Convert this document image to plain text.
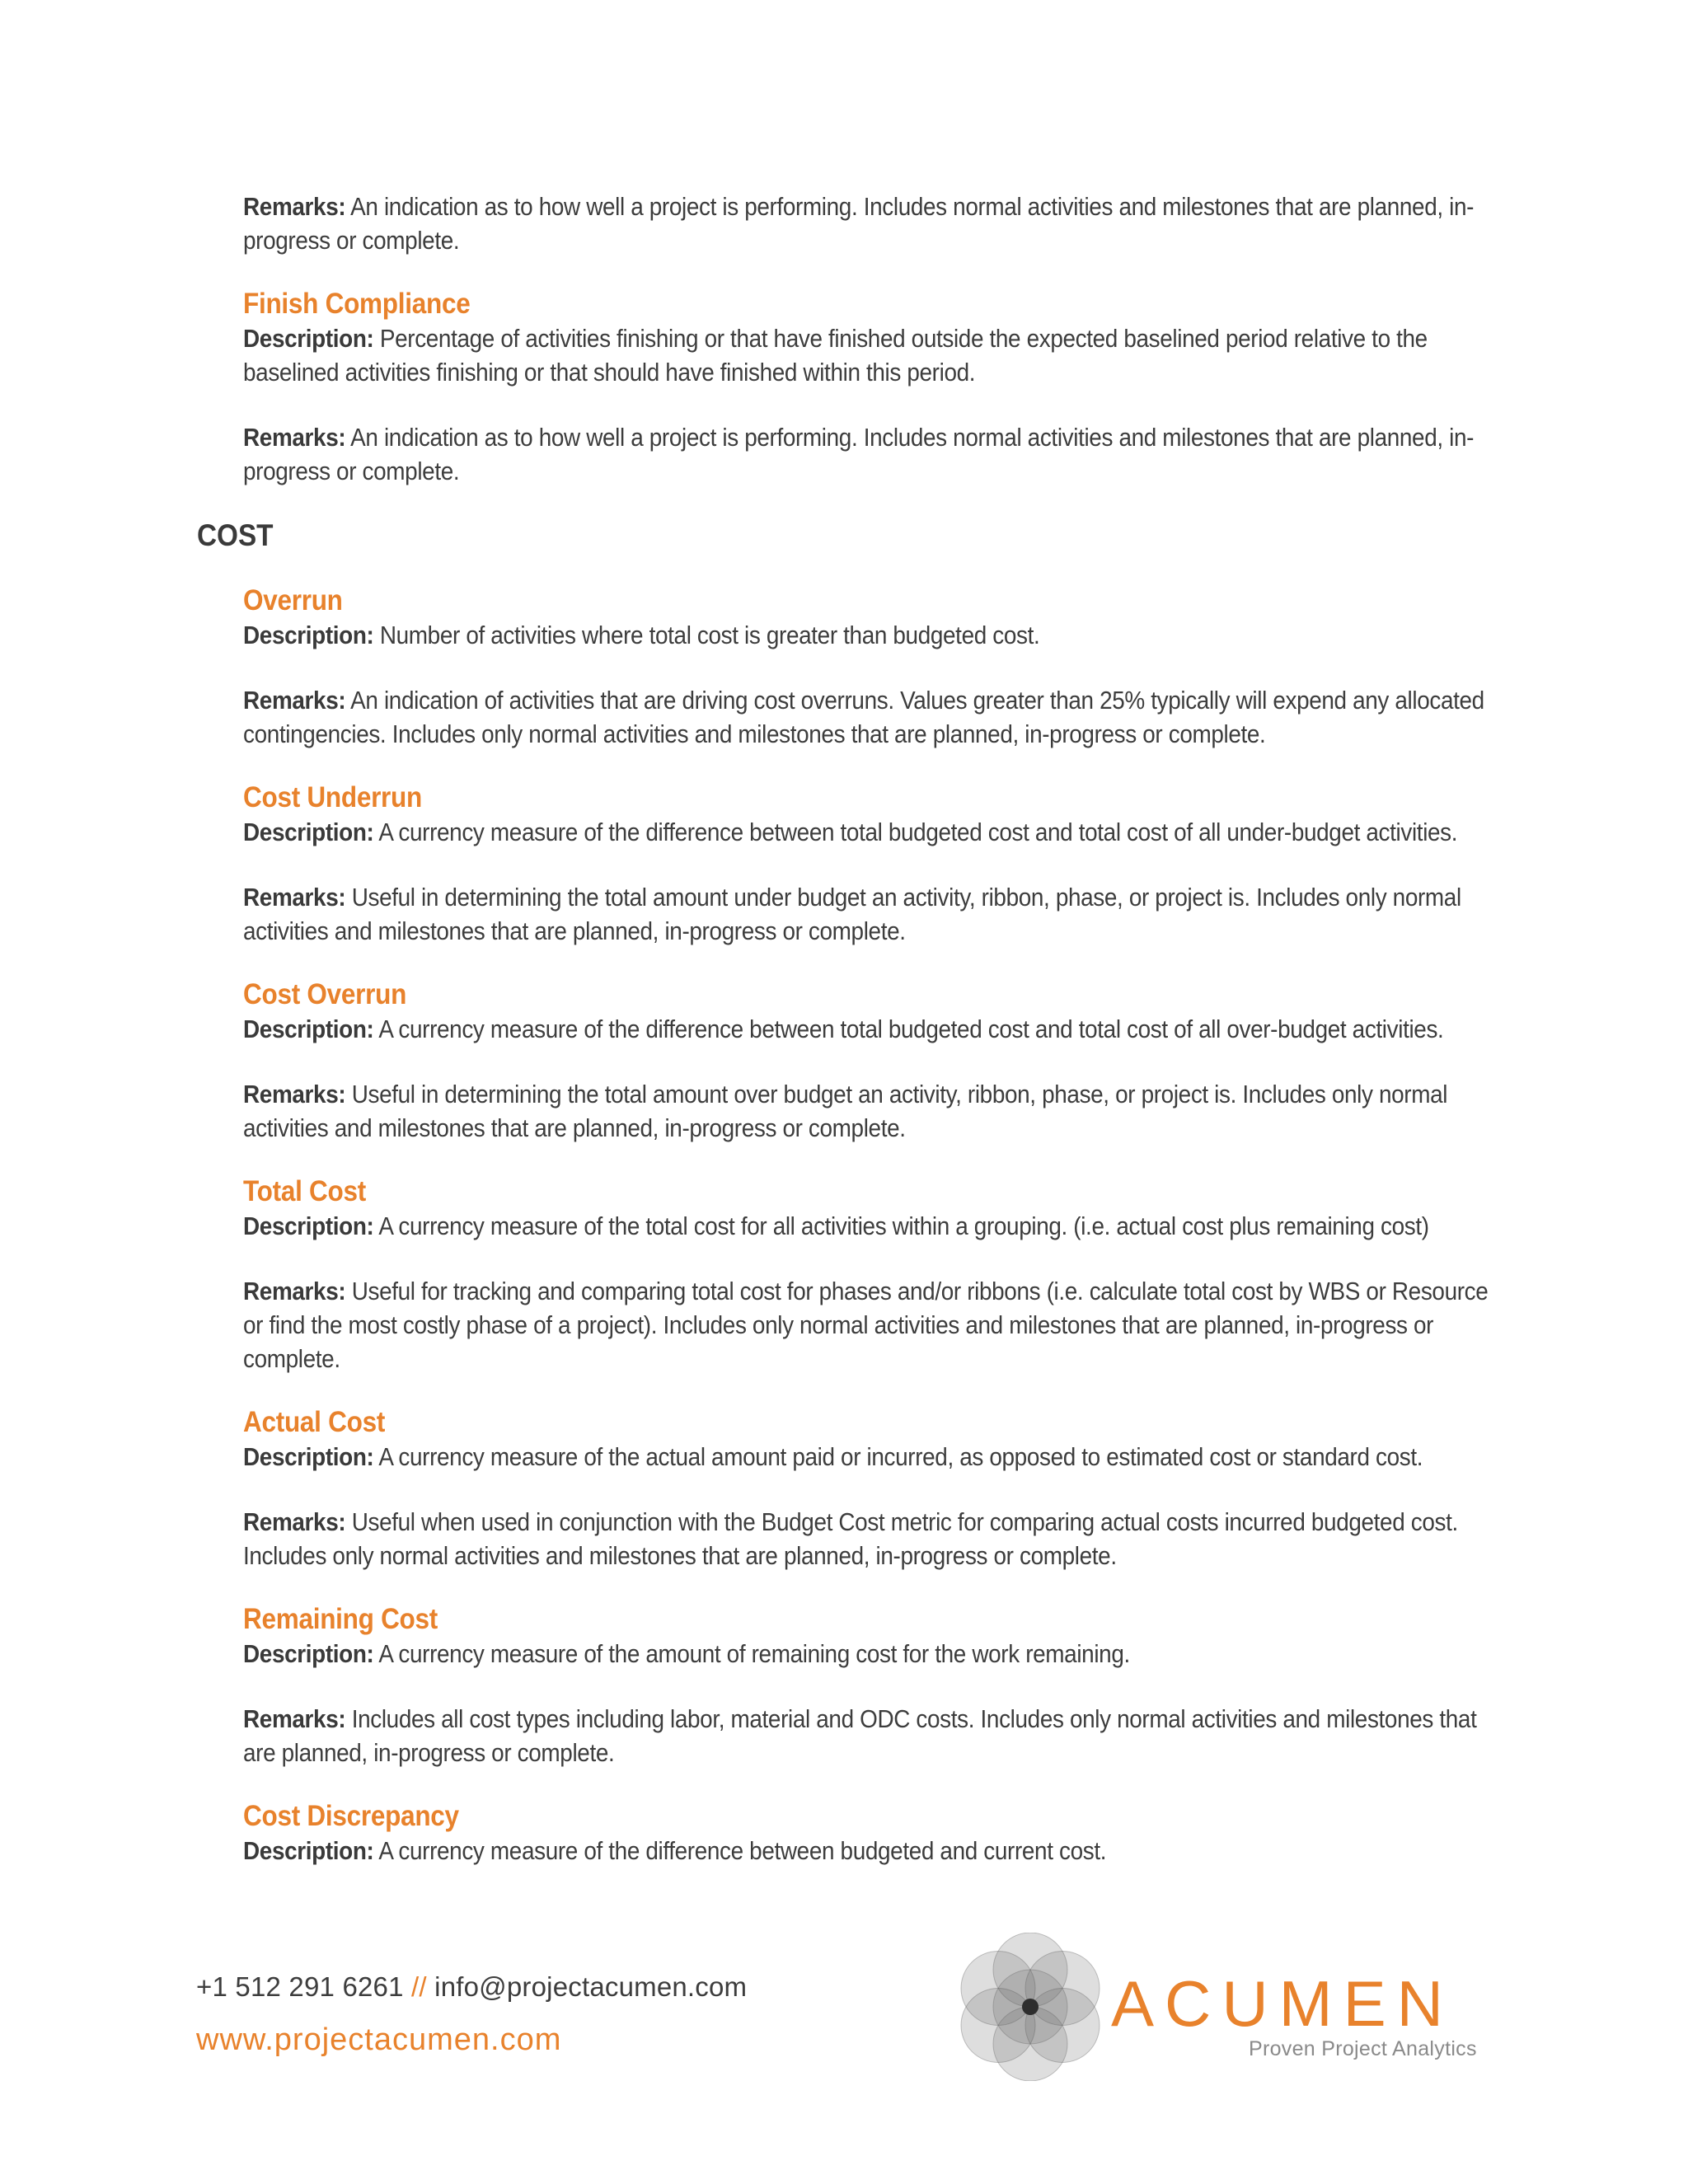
Remarks: An indication as to how well a project is performing. Includes normal activities and milestones that are planned, in-progress or complete.

Finish Compliance

Description: Percentage of activities finishing or that have finished outside the expected baselined period relative to the baselined activities finishing or that should have finished within this period.

Remarks: An indication as to how well a project is performing. Includes normal activities and milestones that are planned, in-progress or complete.

COST
Overrun

Description: Number of activities where total cost is greater than budgeted cost.

Remarks: An indication of activities that are driving cost overruns. Values greater than 25% typically will expend any allocated contingencies. Includes only normal activities and milestones that are planned, in-progress or complete.

Cost Underrun

Description: A currency measure of the difference between total budgeted cost and total cost of all under-budget activities.

Remarks: Useful in determining the total amount under budget an activity, ribbon, phase, or project is. Includes only normal activities and milestones that are planned, in-progress or complete.

Cost Overrun

Description: A currency measure of the difference between total budgeted cost and total cost of all over-budget activities.

Remarks: Useful in determining the total amount over budget an activity, ribbon, phase, or project is. Includes only normal activities and milestones that are planned, in-progress or complete.

Total Cost

Description: A currency measure of the total cost for all activities within a grouping. (i.e. actual cost plus remaining cost)

Remarks: Useful for tracking and comparing total cost for phases and/or ribbons (i.e. calculate total cost by WBS or Resource or find the most costly phase of a project). Includes only normal activities and milestones that are planned, in-progress or complete.

Actual Cost

Description: A currency measure of the actual amount paid or incurred, as opposed to estimated cost or standard cost.

Remarks: Useful when used in conjunction with the Budget Cost metric for comparing actual costs incurred budgeted cost. Includes only normal activities and milestones that are planned, in-progress or complete.

Remaining Cost

Description: A currency measure of the amount of remaining cost for the work remaining.

Remarks: Includes all cost types including labor, material and ODC costs. Includes only normal activities and milestones that are planned, in-progress or complete.

Cost Discrepancy

Description: A currency measure of the difference between budgeted and current cost.

+1 512 291 6261 // info@projectacumen.com
www.projectacumen.com	ACUMEN
Proven Project Analytics
